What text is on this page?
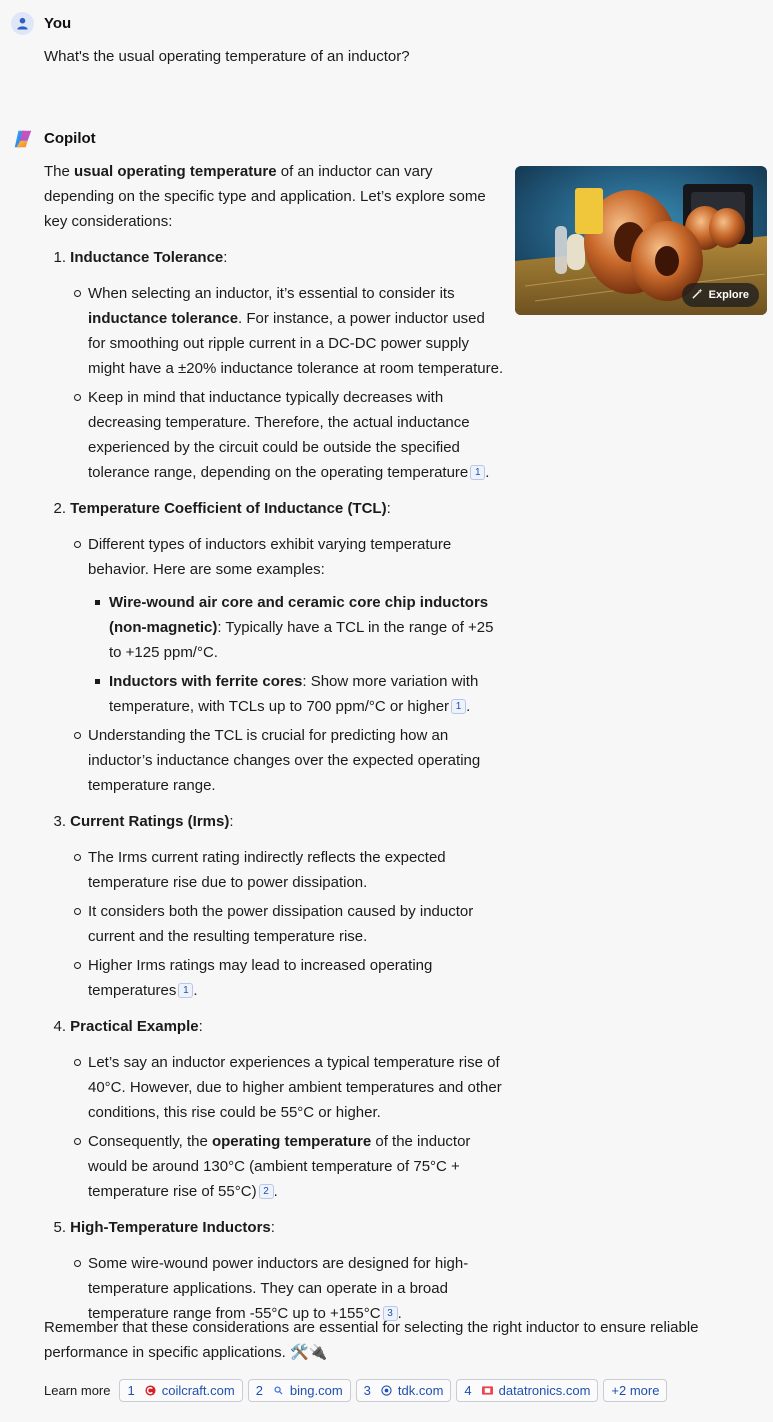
You
What's the usual operating temperature of an inductor?
Copilot

The usual operating temperature of an inductor can vary depending on the specific type and application. Let’s explore some key considerations:

1. Inductance Tolerance:
When selecting an inductor, it’s essential to consider its inductance tolerance. For instance, a power inductor used for smoothing out ripple current in a DC-DC power supply might have a ±20% inductance tolerance at room temperature.
Keep in mind that inductance typically decreases with decreasing temperature. Therefore, the actual inductance experienced by the circuit could be outside the specified tolerance range, depending on the operating temperature 1 .
2. Temperature Coefficient of Inductance (TCL):
Different types of inductors exhibit varying temperature behavior. Here are some examples:
Wire-wound air core and ceramic core chip inductors (non-magnetic): Typically have a TCL in the range of +25 to +125 ppm/°C.
Inductors with ferrite cores: Show more variation with temperature, with TCLs up to 700 ppm/°C or higher 1 .
Understanding the TCL is crucial for predicting how an inductor’s inductance changes over the expected operating temperature range.
3. Current Ratings (Irms):
The Irms current rating indirectly reflects the expected temperature rise due to power dissipation.
It considers both the power dissipation caused by inductor current and the resulting temperature rise.
Higher Irms ratings may lead to increased operating temperatures 1 .
4. Practical Example:
Let’s say an inductor experiences a typical temperature rise of 40°C. However, due to higher ambient temperatures and other conditions, this rise could be 55°C or higher.
Consequently, the operating temperature of the inductor would be around 130°C (ambient temperature of 75°C + temperature rise of 55°C) 2 .
5. High-Temperature Inductors:
Some wire-wound power inductors are designed for high-temperature applications. They can operate in a broad temperature range from -55°C up to +155°C 3 .
Explore
Remember that these considerations are essential for selecting the right inductor to ensure reliable performance in specific applications. 🛠️🔌
Learn more 1 coilcraft.com 2 bing.com 3 tdk.com 4 datatronics.com +2 more
